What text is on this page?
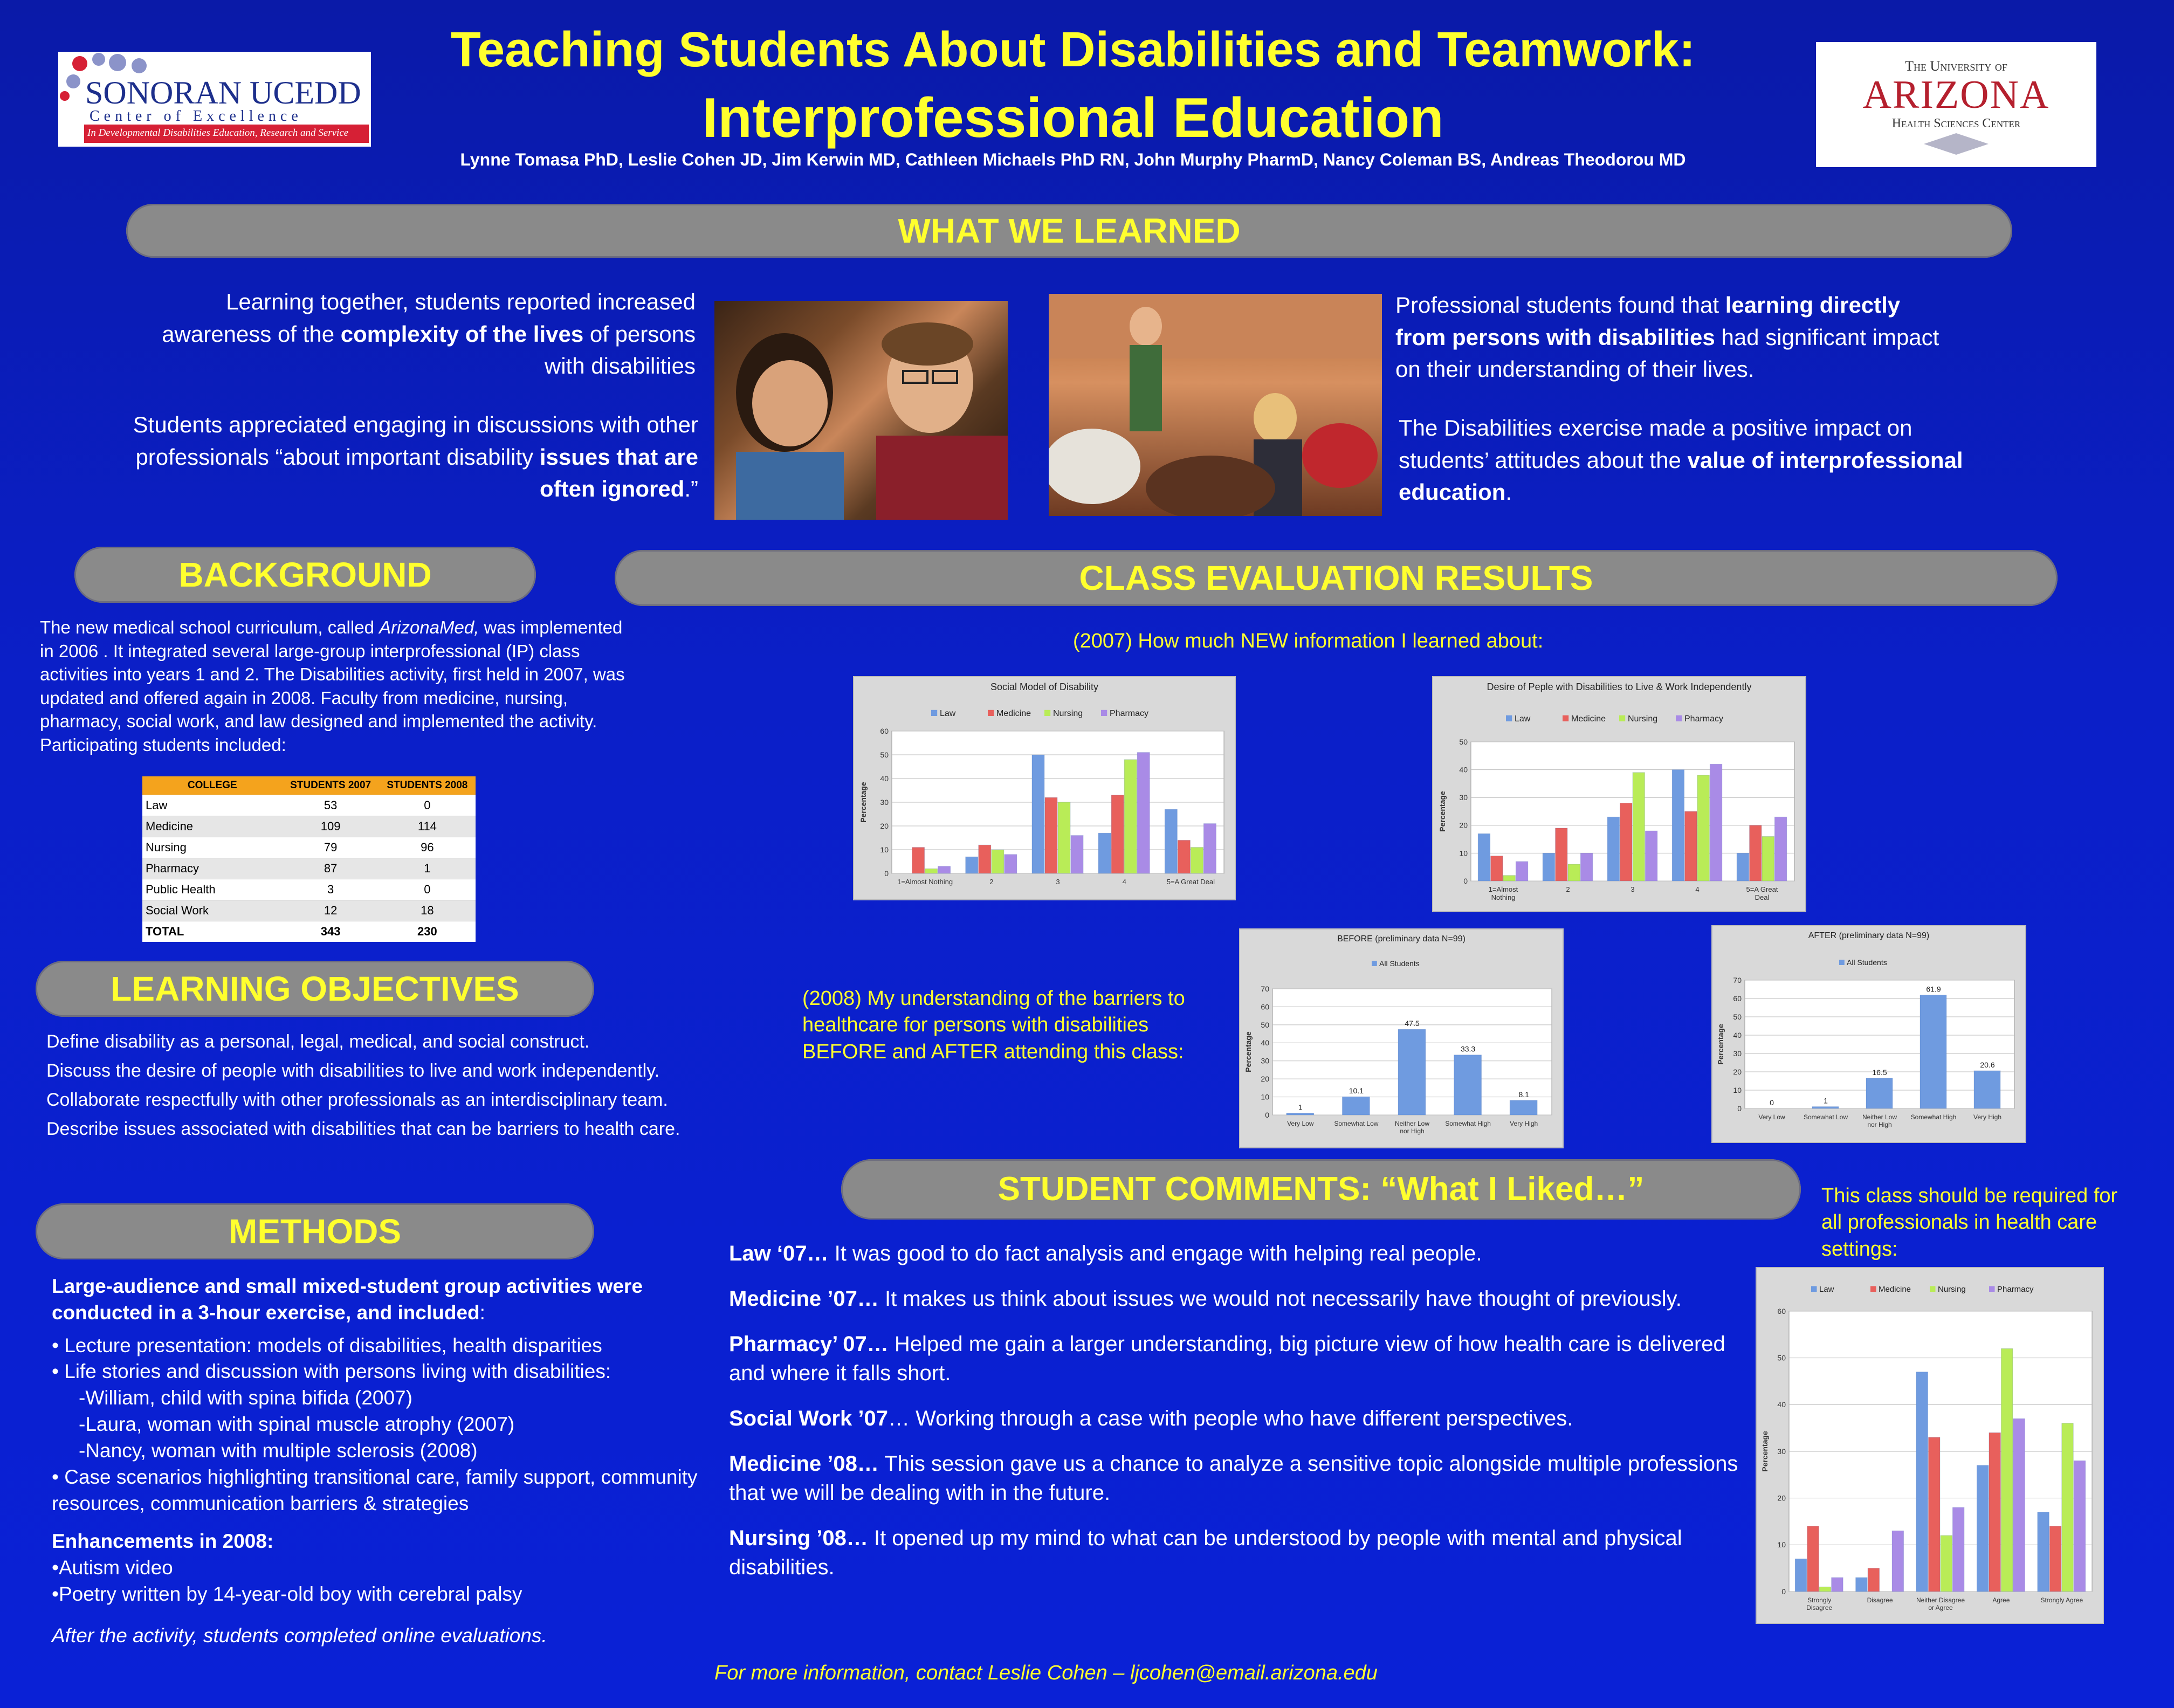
SONORAN UCEDD
Center of Excellence
In Developmental Disabilities Education, Research and Service
Teaching Students About Disabilities and Teamwork:
Interprofessional Education
Lynne Tomasa PhD, Leslie Cohen JD, Jim Kerwin MD, Cathleen Michaels PhD RN, John Murphy PharmD, Nancy Coleman BS, Andreas Theodorou MD
The University of
ARIZONA
Health Sciences Center
WHAT WE LEARNED
Learning together, students reported increased awareness of the complexity of the lives of persons with disabilities
Students appreciated engaging in discussions with other professionals “about important disability issues that are often ignored.”
Professional students found that learning directly from persons with disabilities had significant impact on their understanding of their lives.
The Disabilities exercise made a positive impact on students’ attitudes about the value of interprofessional education.
BACKGROUND
The new medical school curriculum, called ArizonaMed, was implemented in 2006 . It integrated several large-group interprofessional (IP) class activities into years 1 and 2. The Disabilities activity, first held in 2007, was updated and offered again in 2008. Faculty from medicine, nursing, pharmacy, social work, and law designed and implemented the activity. Participating students included:
COLLEGE	STUDENTS 2007	STUDENTS 2008
Law	53	0
Medicine	109	114
Nursing	79	96
Pharmacy	87	1
Public Health	3	0
Social Work	12	18
TOTAL	343	230
LEARNING OBJECTIVES
Define disability as a personal, legal, medical, and social construct.
Discuss the desire of people with disabilities to live and work independently.
Collaborate respectfully with other professionals as an interdisciplinary team.
Describe issues associated with disabilities that can be barriers to health care.
METHODS
Large-audience and small mixed-student group activities were conducted in a 3-hour exercise, and included:
• Lecture presentation: models of disabilities, health disparities
• Life stories and discussion with persons living with disabilities:
-William, child with spina bifida (2007)
-Laura, woman with spinal muscle atrophy (2007)
-Nancy, woman with multiple sclerosis (2008)
• Case scenarios highlighting transitional care, family support, community resources, communication barriers & strategies
Enhancements in 2008:
•Autism video
•Poetry written by 14-year-old boy with cerebral palsy
After the activity, students completed online evaluations.
CLASS EVALUATION RESULTS
(2007) How much NEW information I learned about:
Social Model of Disability
Law	Medicine	Nursing	Pharmacy
0
10
20
30
40
50
60
Percentage
1=Almost Nothing	2	3	4	5=A Great Deal
Desire of Peple with Disabilities to Live & Work Independently
Law	Medicine	Nursing	Pharmacy
0
10
20
30
40
50
Percentage
1=Almost
Nothing
2	3	4	5=A Great
Deal
(2008) My understanding of the barriers to healthcare for persons with disabilities BEFORE and AFTER attending this class:
BEFORE (preliminary data N=99)
All Students
0
10
20
30
40
50
60
70
Percentage
1
Very Low
10.1
Somewhat Low
47.5
Neither Low
nor High
33.3
Somewhat High
8.1
Very High
AFTER (preliminary data N=99)
All Students
0
10
20
30
40
50
60
70
Percentage
0
Very Low
1
Somewhat Low
16.5
Neither Low
nor High
61.9
Somewhat High
20.6
Very High
STUDENT COMMENTS: “What I Liked…”
Law ‘07… It was good to do fact analysis and engage with helping real people.
Medicine ’07… It makes us think about issues we would not necessarily have thought of previously.
Pharmacy’ 07… Helped me gain a larger understanding, big picture view of how health care is delivered and where it falls short.
Social Work ’07… Working through a case with people who have different perspectives.
Medicine ’08… This session gave us a chance to analyze a sensitive topic alongside multiple professions that we will be dealing with in the future.
Nursing ’08… It opened up my mind to what can be understood by people with mental and physical disabilities.
This class should be required for all professionals in health care settings:
Law	Medicine	Nursing	Pharmacy
0
10
20
30
40
50
60
Percentage
Strongly
Disagree
Disagree	Neither Disagree
or Agree
Agree	Strongly Agree
For more information, contact Leslie Cohen – ljcohen@email.arizona.edu
